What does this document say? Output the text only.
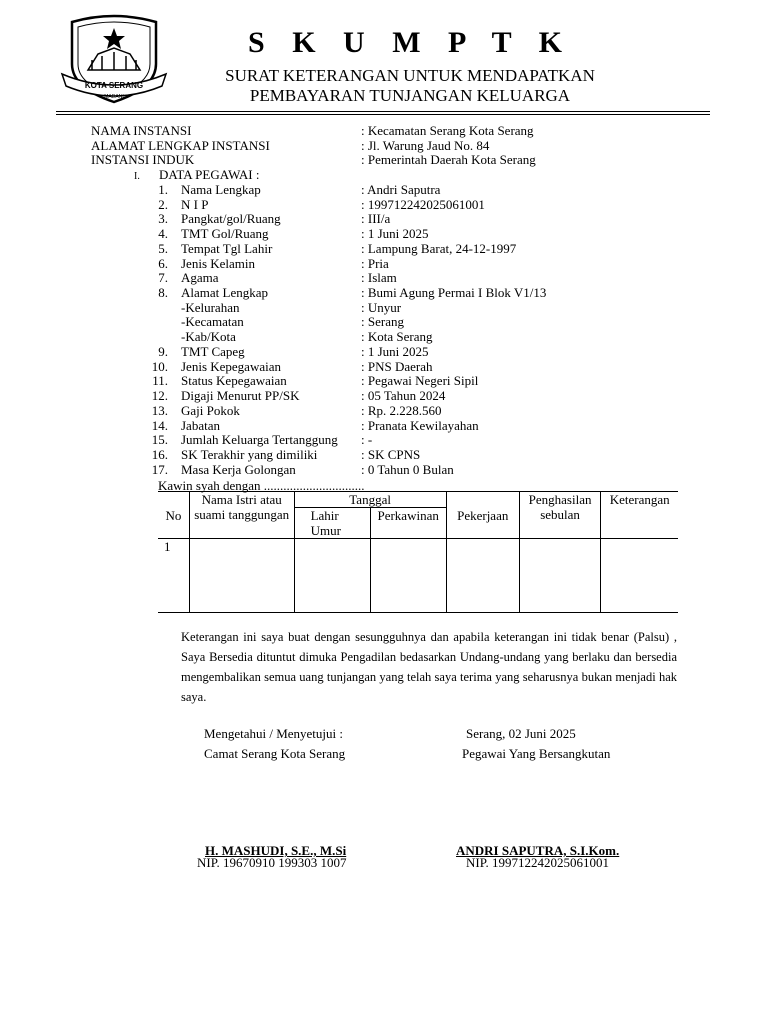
KOTA SERANG
MADANI
S K U M P T K
SURAT KETERANGAN UNTUK MENDAPATKAN
PEMBAYARAN TUNJANGAN KELUARGA
NAMA INSTANSI	: Kecamatan Serang Kota Serang
ALAMAT LENGKAP INSTANSI	: Jl. Warung Jaud No. 84
INSTANSI INDUK	: Pemerintah Daerah Kota Serang
I. DATA PEGAWAI :
1. Nama Lengkap	: Andri Saputra
2. N I P	: 199712242025061001
3. Pangkat/gol/Ruang	: III/a
4. TMT Gol/Ruang	: 1 Juni 2025
5. Tempat Tgl Lahir	: Lampung Barat, 24-12-1997
6. Jenis Kelamin	: Pria
7. Agama	: Islam
8. Alamat Lengkap	: Bumi Agung Permai I Blok V1/13
-Kelurahan	: Unyur
-Kecamatan	: Serang
-Kab/Kota	: Kota Serang
9. TMT Capeg	: 1 Juni 2025
10. Jenis Kepegawaian	: PNS Daerah
11. Status Kepegawaian	: Pegawai Negeri Sipil
12. Digaji Menurut PP/SK	: 05 Tahun 2024
13. Gaji Pokok	: Rp. 2.228.560
14. Jabatan	: Pranata Kewilayahan
15. Jumlah Keluarga Tertanggung : -
16. SK Terakhir yang dimiliki	: SK CPNS
17. Masa Kerja Golongan	: 0 Tahun 0 Bulan
Kawin syah dengan ...............................
No	Nama Istri atau suami tanggungan	Tanggal		Pekerjaan	Penghasilan sebulan	Keterangan
		Lahir Umur	Perkawinan			
1						
Keterangan ini saya buat dengan sesungguhnya dan apabila keterangan ini tidak benar (Palsu) , Saya Bersedia dituntut dimuka Pengadilan bedasarkan Undang-undang yang berlaku dan bersedia mengembalikan semua uang tunjangan yang telah saya terima yang seharusnya bukan menjadi hak saya.
Mengetahui / Menyetujui :
Camat Serang Kota Serang
H. MASHUDI, S.E., M.Si
NIP. 19670910 199303 1007
Serang, 02 Juni 2025
Pegawai Yang Bersangkutan
ANDRI SAPUTRA, S.I.Kom.
NIP. 199712242025061001
